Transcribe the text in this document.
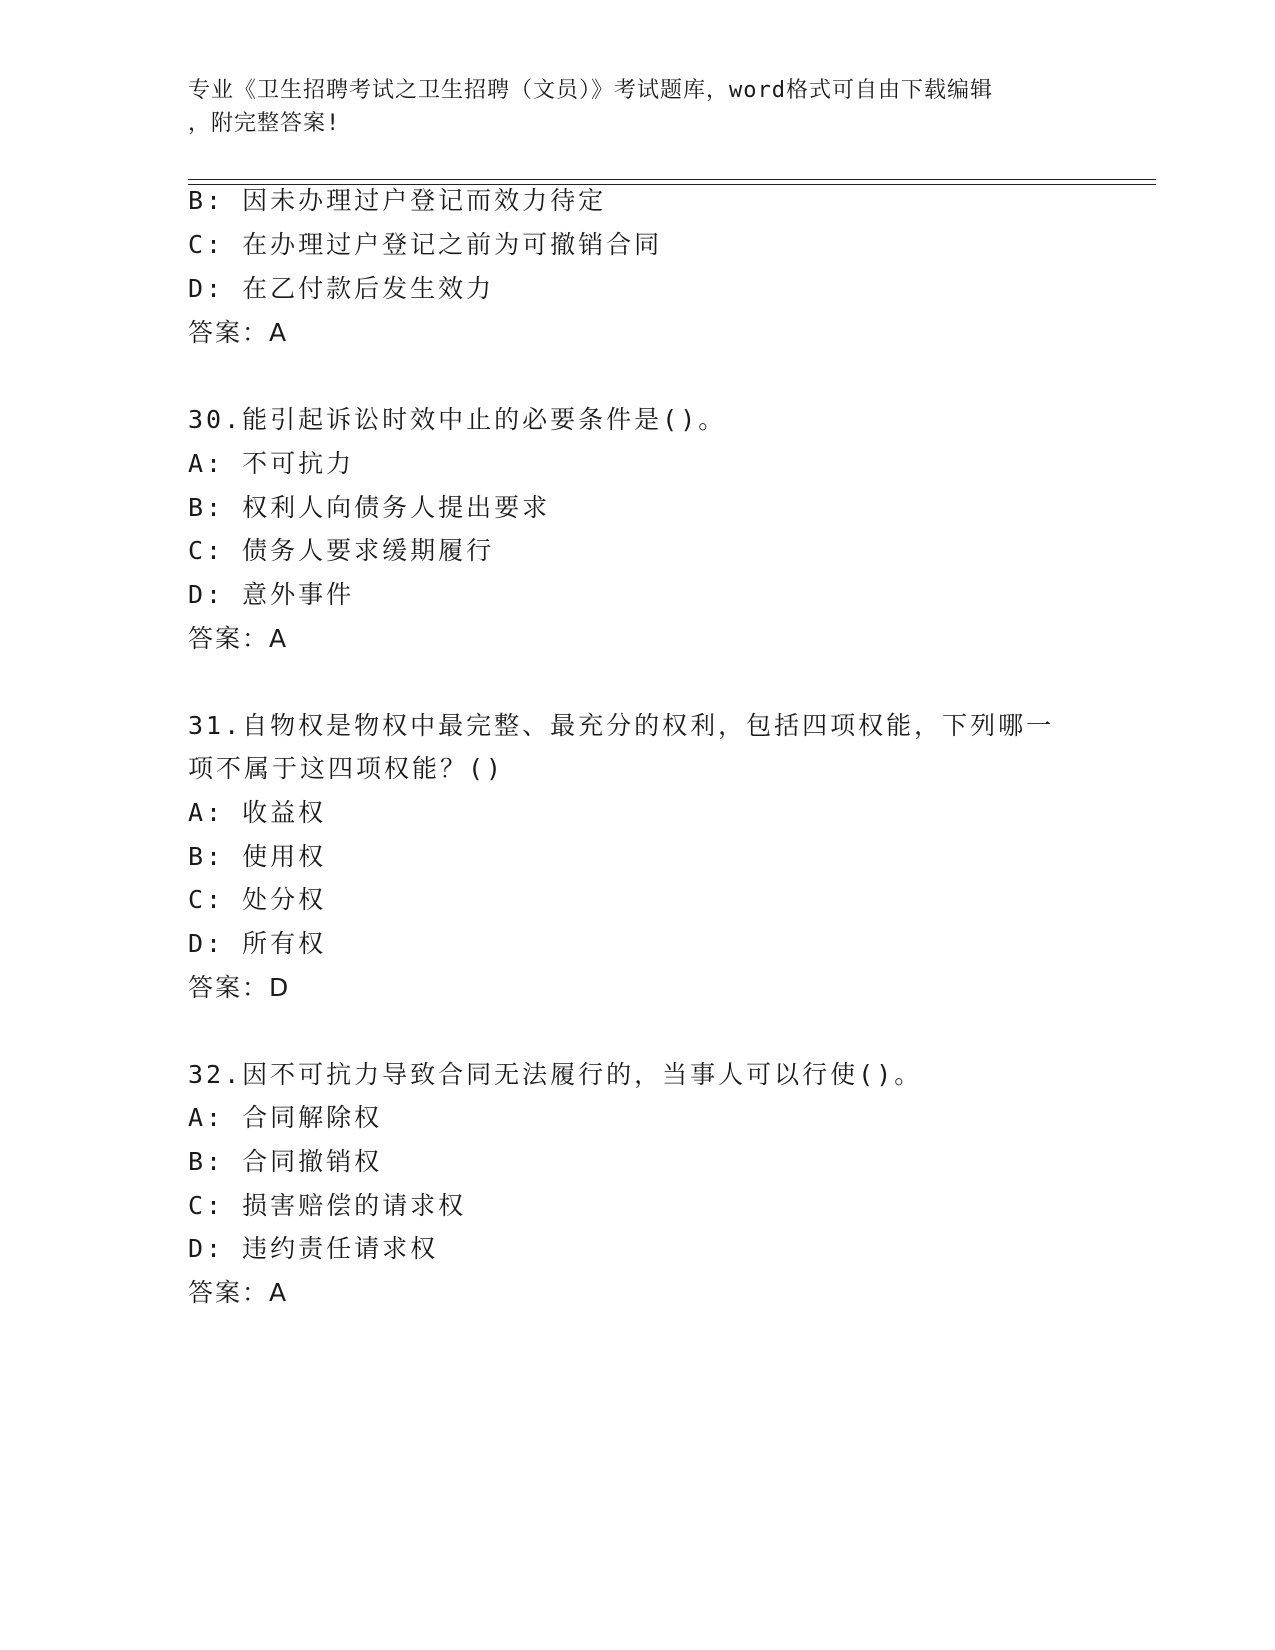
专业《卫生招聘考试之卫生招聘（文员）》考试题库，word格式可自由下载编辑
，附完整答案!
B: 因未办理过户登记而效力待定
C: 在办理过户登记之前为可撤销合同
D: 在乙付款后发生效力
答案：A
30.能引起诉讼时效中止的必要条件是()。
A: 不可抗力
B: 权利人向债务人提出要求
C: 债务人要求缓期履行
D: 意外事件
答案：A
31.自物权是物权中最完整、最充分的权利，包括四项权能，下列哪一
项不属于这四项权能？()
A: 收益权
B: 使用权
C: 处分权
D: 所有权
答案：D
32.因不可抗力导致合同无法履行的，当事人可以行使()。
A: 合同解除权
B: 合同撤销权
C: 损害赔偿的请求权
D: 违约责任请求权
答案：A
